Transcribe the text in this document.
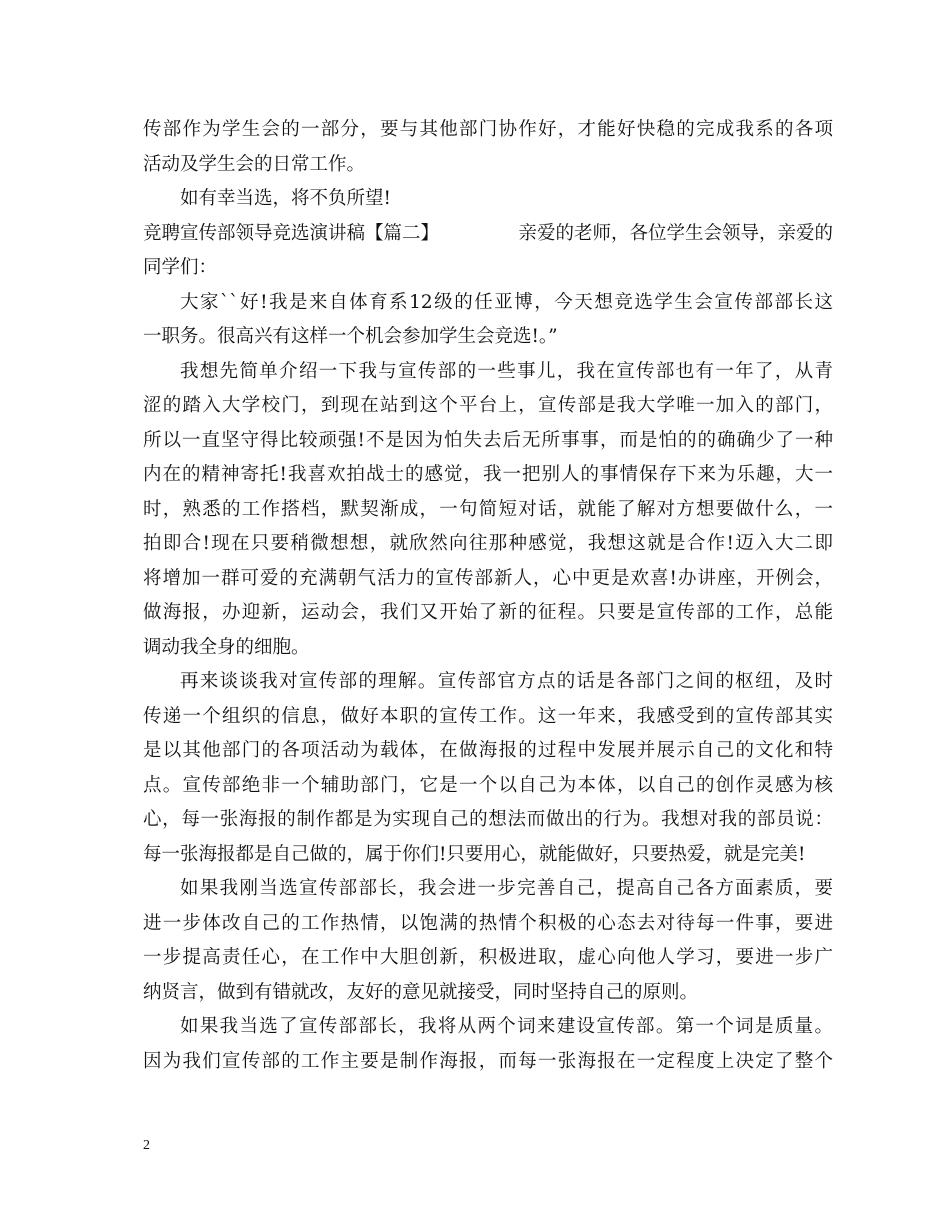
传部作为学生会的一部分，要与其他部门协作好，才能好快稳的完成我系的各项
活动及学生会的日常工作。
如有幸当选，将不负所望!
竞聘宣传部领导竞选演讲稿【篇二】	亲爱的老师，各位学生会领导，亲爱的
同学们：
大家``好!我是来自体育系12级的任亚博，今天想竞选学生会宣传部部长这
一职务。很高兴有这样一个机会参加学生会竞选!。”
我想先简单介绍一下我与宣传部的一些事儿，我在宣传部也有一年了，从青
涩的踏入大学校门，到现在站到这个平台上，宣传部是我大学唯一加入的部门，
所以一直坚守得比较顽强!不是因为怕失去后无所事事，而是怕的的确确少了一种
内在的精神寄托!我喜欢拍战士的感觉，我一把别人的事情保存下来为乐趣，大一
时，熟悉的工作搭档，默契渐成，一句简短对话，就能了解对方想要做什么，一
拍即合!现在只要稍微想想，就欣然向往那种感觉，我想这就是合作!迈入大二即
将增加一群可爱的充满朝气活力的宣传部新人，心中更是欢喜!办讲座，开例会，
做海报，办迎新，运动会，我们又开始了新的征程。只要是宣传部的工作，总能
调动我全身的细胞。
再来谈谈我对宣传部的理解。宣传部官方点的话是各部门之间的枢纽，及时
传递一个组织的信息，做好本职的宣传工作。这一年来，我感受到的宣传部其实
是以其他部门的各项活动为载体，在做海报的过程中发展并展示自己的文化和特
点。宣传部绝非一个辅助部门，它是一个以自己为本体，以自己的创作灵感为核
心，每一张海报的制作都是为实现自己的想法而做出的行为。我想对我的部员说：
每一张海报都是自己做的，属于你们!只要用心，就能做好，只要热爱，就是完美!
如果我刚当选宣传部部长，我会进一步完善自己，提高自己各方面素质，要
进一步体改自己的工作热情，以饱满的热情个积极的心态去对待每一件事，要进
一步提高责任心，在工作中大胆创新，积极进取，虚心向他人学习，要进一步广
纳贤言，做到有错就改，友好的意见就接受，同时坚持自己的原则。
如果我当选了宣传部部长，我将从两个词来建设宣传部。第一个词是质量。
因为我们宣传部的工作主要是制作海报，而每一张海报在一定程度上决定了整个
2
